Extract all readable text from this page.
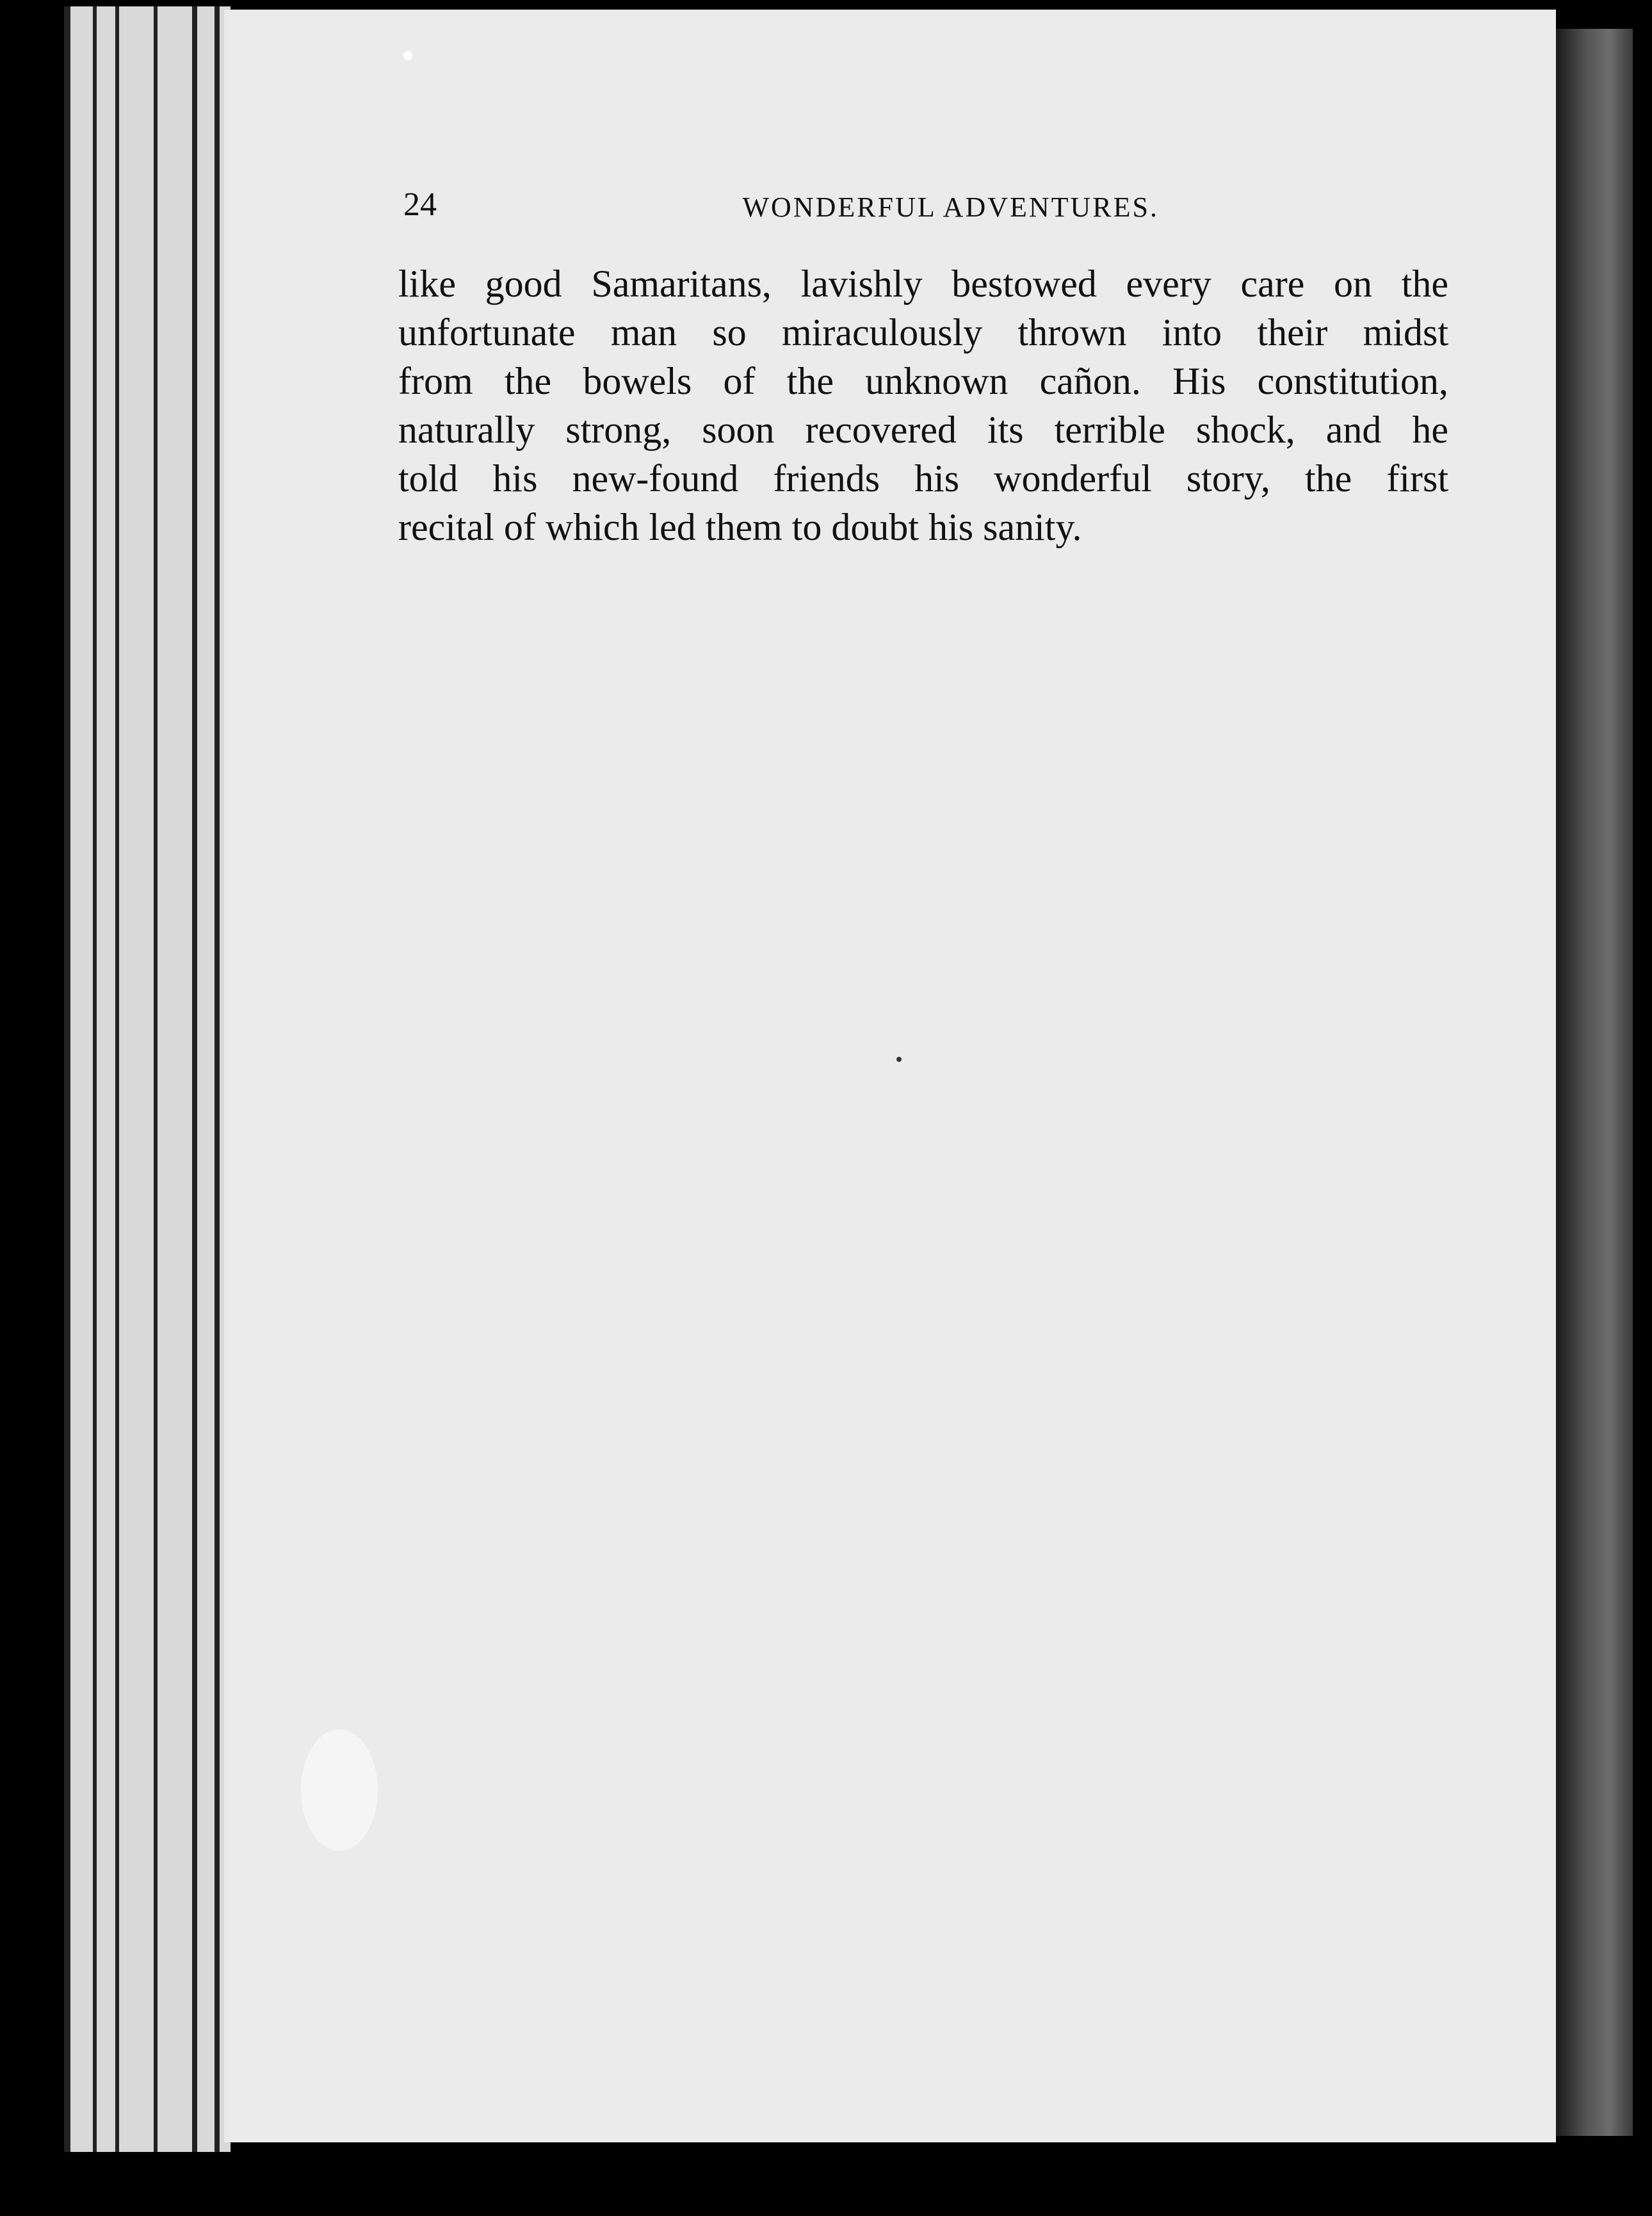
24	WONDERFUL ADVENTURES.
like good Samaritans, lavishly bestowed every care on the
unfortunate man so miraculously thrown into their midst
from the bowels of the unknown cañon. His constitution,
naturally strong, soon recovered its terrible shock, and he
told his new-found friends his wonderful story, the first
recital of which led them to doubt his sanity.
